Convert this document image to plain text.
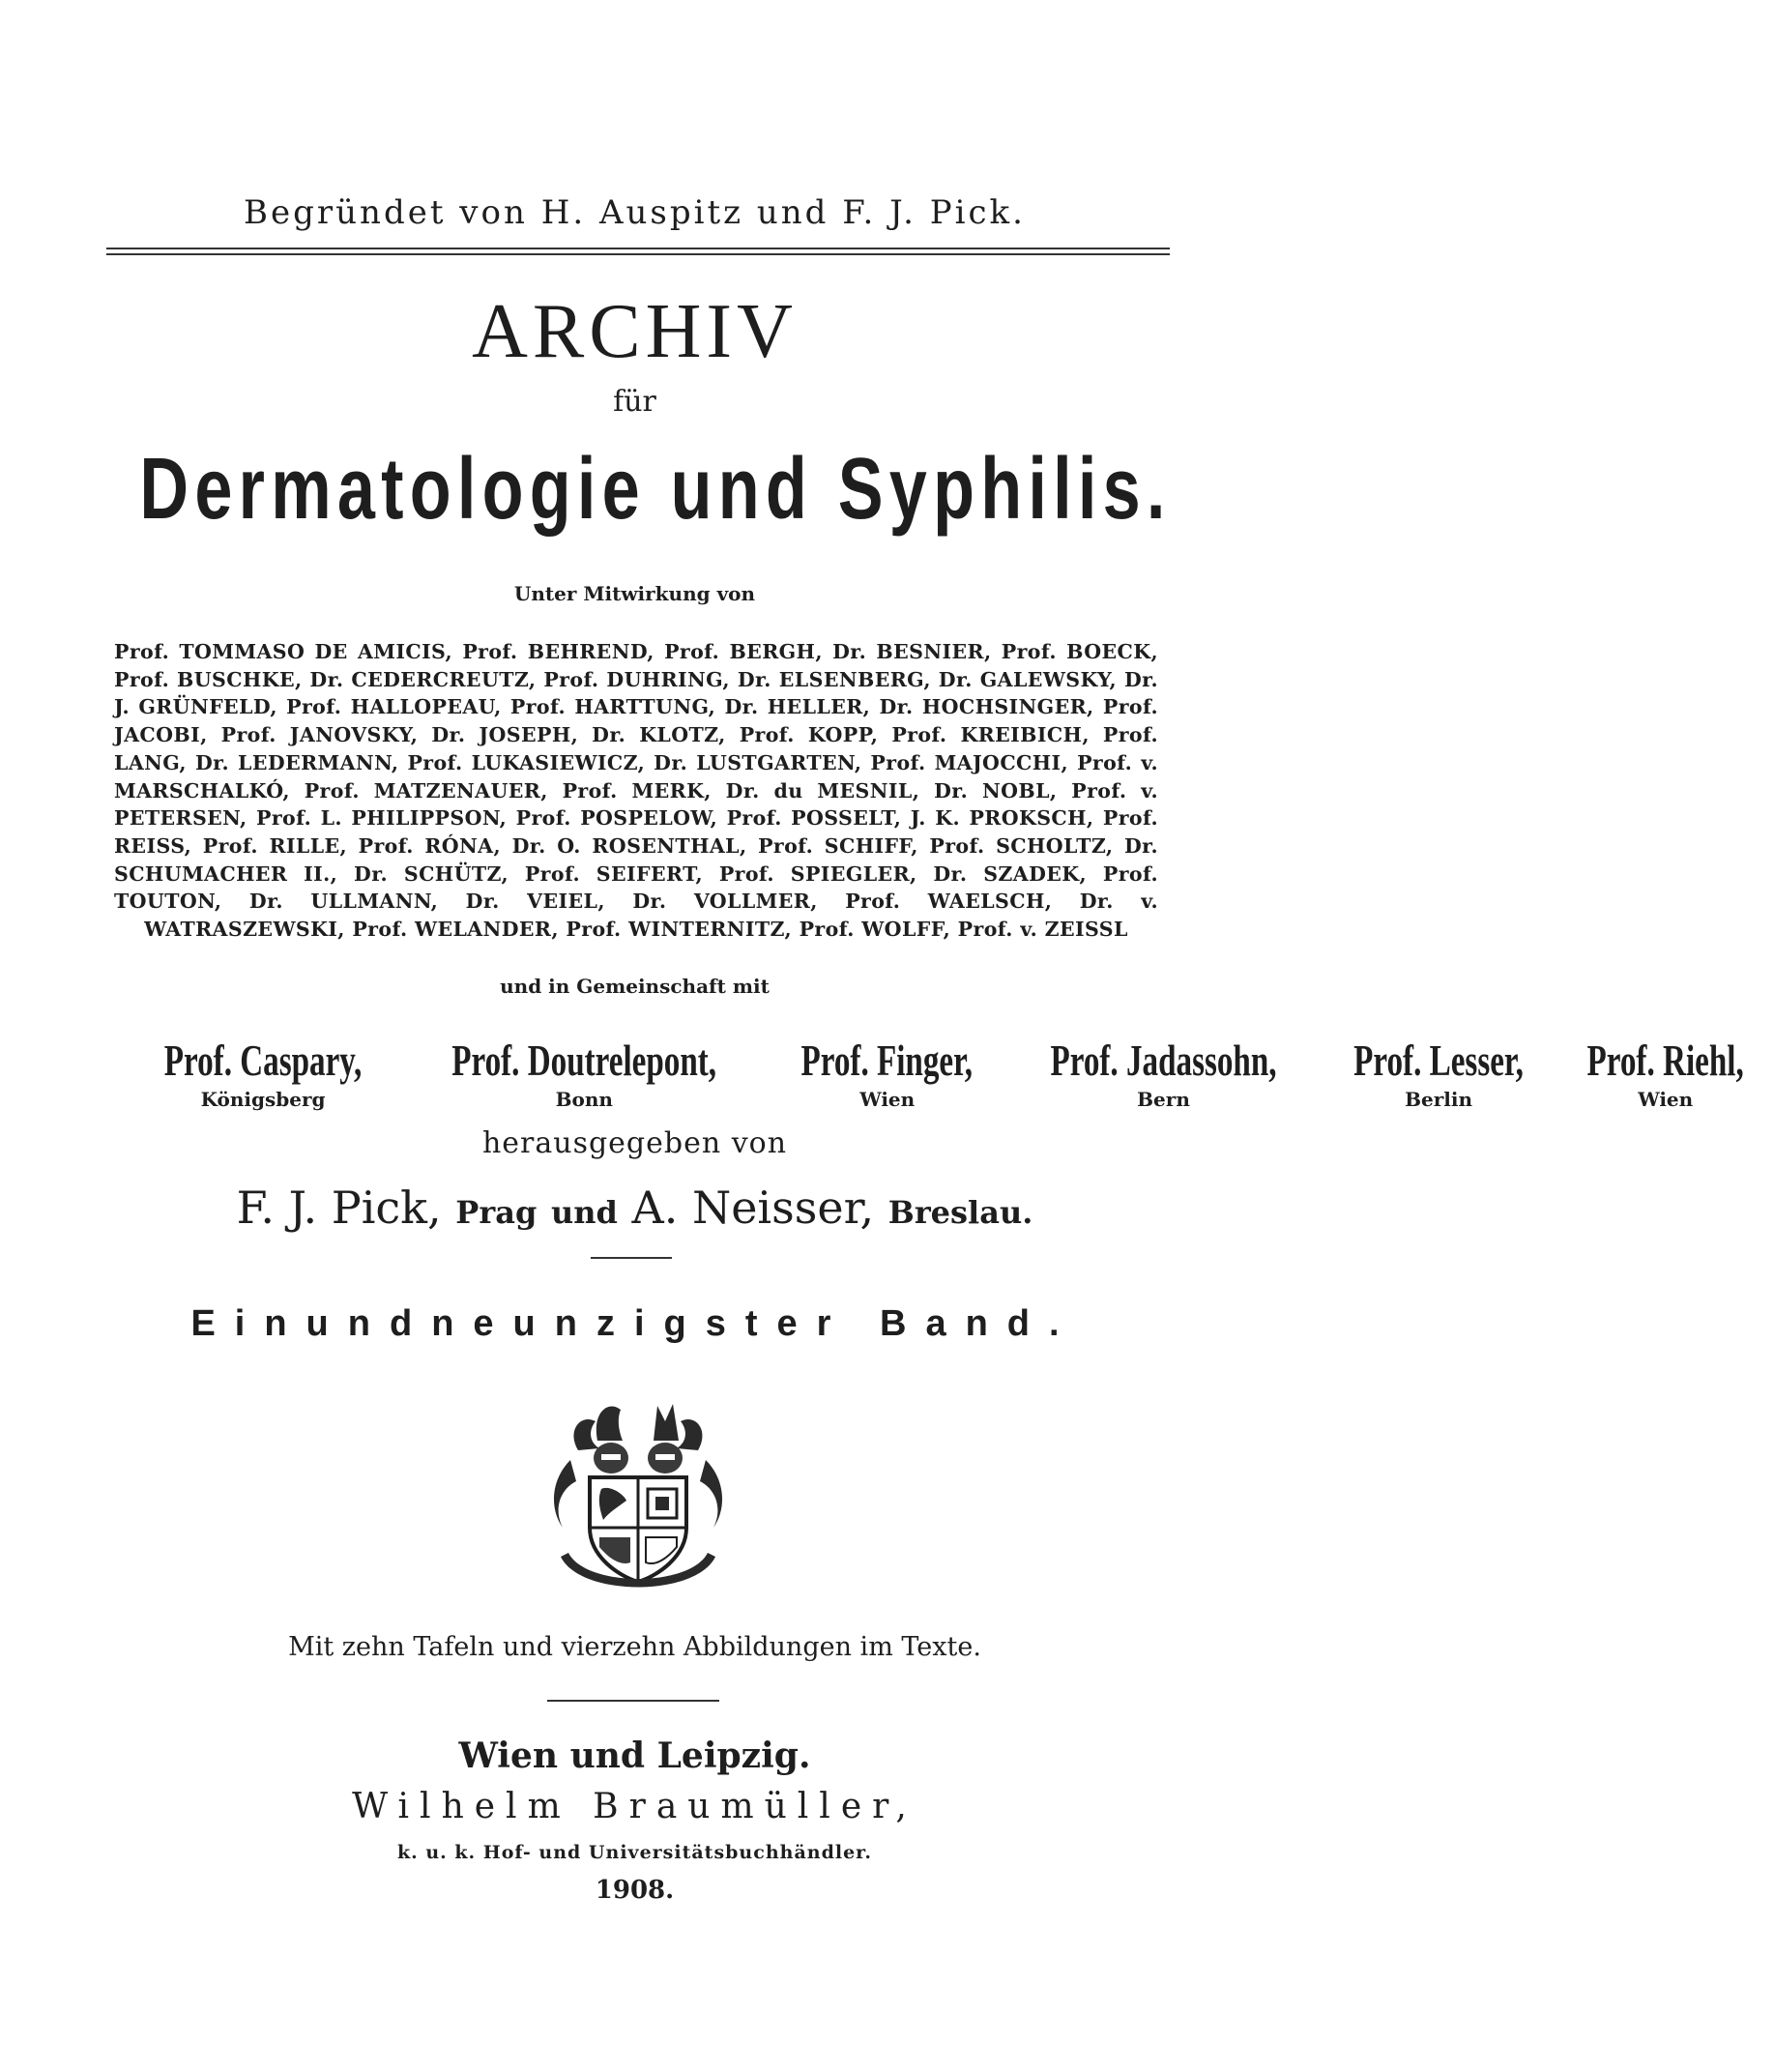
Begründet von H. Auspitz und F. J. Pick.
ARCHIV
für
Dermatologie und Syphilis.
Unter Mitwirkung von
Prof. TOMMASO DE AMICIS, Prof. BEHREND, Prof. BERGH, Dr. BESNIER, Prof. BOECK, Prof. BUSCHKE, Dr. CEDERCREUTZ, Prof. DUHRING, Dr. ELSENBERG, Dr. GALEWSKY, Dr. J. GRÜNFELD, Prof. HALLOPEAU, Prof. HARTTUNG, Dr. HELLER, Dr. HOCHSINGER, Prof. JACOBI, Prof. JANOVSKY, Dr. JOSEPH, Dr. KLOTZ, Prof. KOPP, Prof. KREIBICH, Prof. LANG, Dr. LEDERMANN, Prof. LUKASIEWICZ, Dr. LUSTGARTEN, Prof. MAJOCCHI, Prof. v. MARSCHALKÓ, Prof. MATZENAUER, Prof. MERK, Dr. du MESNIL, Dr. NOBL, Prof. v. PETERSEN, Prof. L. PHILIPPSON, Prof. POSPELOW, Prof. POSSELT, J. K. PROKSCH, Prof. REISS, Prof. RILLE, Prof. RÓNA, Dr. O. ROSENTHAL, Prof. SCHIFF, Prof. SCHOLTZ, Dr. SCHUMACHER II., Dr. SCHÜTZ, Prof. SEIFERT, Prof. SPIEGLER, Dr. SZADEK, Prof. TOUTON, Dr. ULLMANN, Dr. VEIEL, Dr. VOLLMER, Prof. WAELSCH, Dr. v. WATRASZEWSKI, Prof. WELANDER, Prof. WINTERNITZ, Prof. WOLFF, Prof. v. ZEISSL
und in Gemeinschaft mit
Prof. Caspary,
Königsberg
Prof. Doutrelepont,
Bonn
Prof. Finger,
Wien
Prof. Jadassohn,
Bern
Prof. Lesser,
Berlin
Prof. Riehl,
Wien
herausgegeben von
F. J. Pick, Prag und A. Neisser, Breslau.
Einundneunzigster Band.
Mit zehn Tafeln und vierzehn Abbildungen im Texte.
Wien und Leipzig.
Wilhelm Braumüller,
k. u. k. Hof- und Universitätsbuchhändler.
1908.
